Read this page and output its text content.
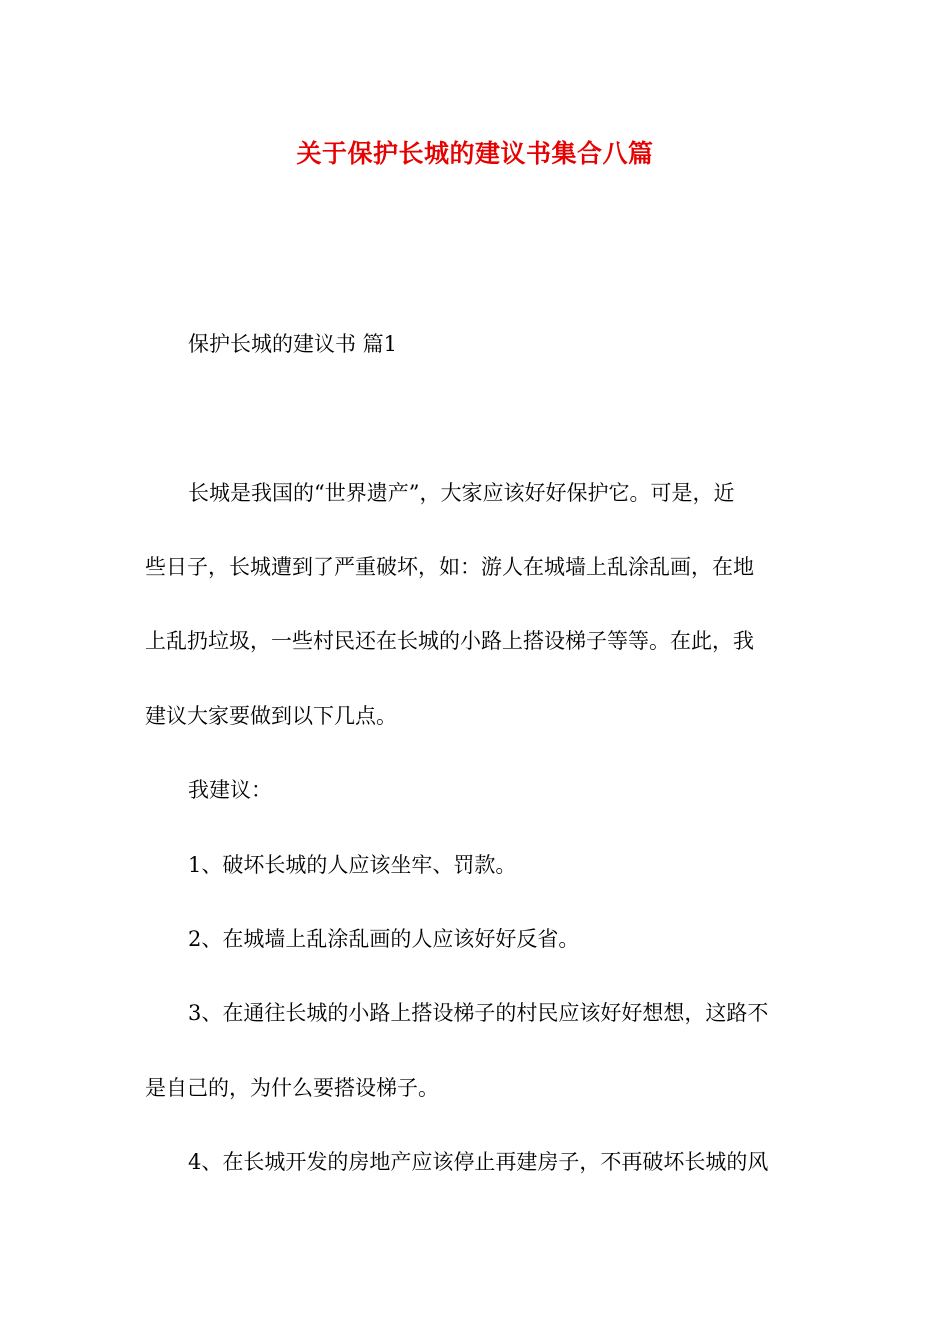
关于保护长城的建议书集合八篇
保护长城的建议书 篇1
长城是我国的“世界遗产”，大家应该好好保护它。可是，近
些日子，长城遭到了严重破坏，如：游人在城墙上乱涂乱画，在地
上乱扔垃圾，一些村民还在长城的小路上搭设梯子等等。在此，我
建议大家要做到以下几点。
我建议：
1、破坏长城的人应该坐牢、罚款。
2、在城墙上乱涂乱画的人应该好好反省。
3、在通往长城的小路上搭设梯子的村民应该好好想想，这路不
是自己的，为什么要搭设梯子。
4、在长城开发的房地产应该停止再建房子，不再破坏长城的风
